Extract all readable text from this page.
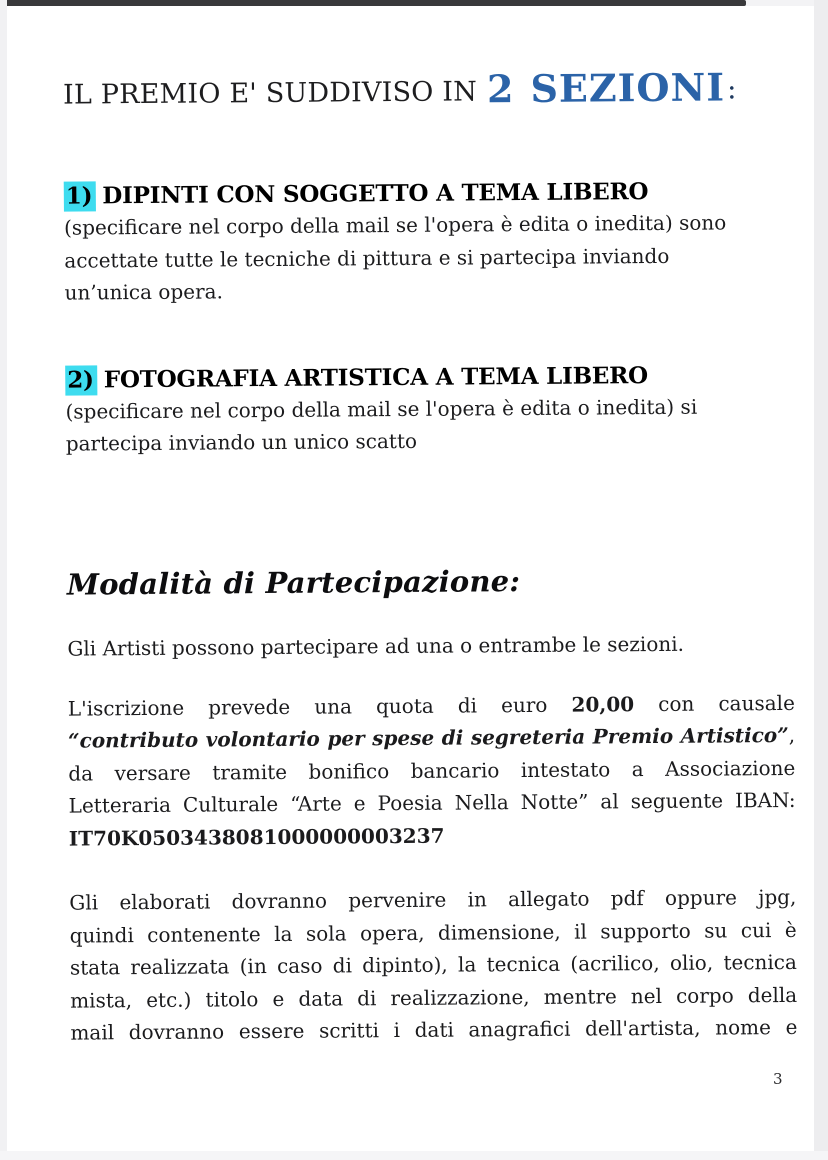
IL PREMIO E' SUDDIVISO IN 2 SEZIONI:
1) DIPINTI CON SOGGETTO A TEMA LIBERO
(specificare nel corpo della mail se l'opera è edita o inedita) sono
accettate tutte le tecniche di pittura e si partecipa inviando
un’unica opera.
2) FOTOGRAFIA ARTISTICA A TEMA LIBERO
(specificare nel corpo della mail se l'opera è edita o inedita) si
partecipa inviando un unico scatto
Modalità di Partecipazione:
Gli Artisti possono partecipare ad una o entrambe le sezioni.
L'iscrizione prevede una quota di euro 20,00 con causale
“contributo volontario per spese di segreteria Premio Artistico”,
da versare tramite bonifico bancario intestato a Associazione
Letteraria Culturale “Arte e Poesia Nella Notte” al seguente IBAN:
IT70K0503438081000000003237
Gli elaborati dovranno pervenire in allegato pdf oppure jpg,
quindi contenente la sola opera, dimensione, il supporto su cui è
stata realizzata (in caso di dipinto), la tecnica (acrilico, olio, tecnica
mista, etc.) titolo e data di realizzazione, mentre nel corpo della
mail dovranno essere scritti i dati anagrafici dell'artista, nome e
3
